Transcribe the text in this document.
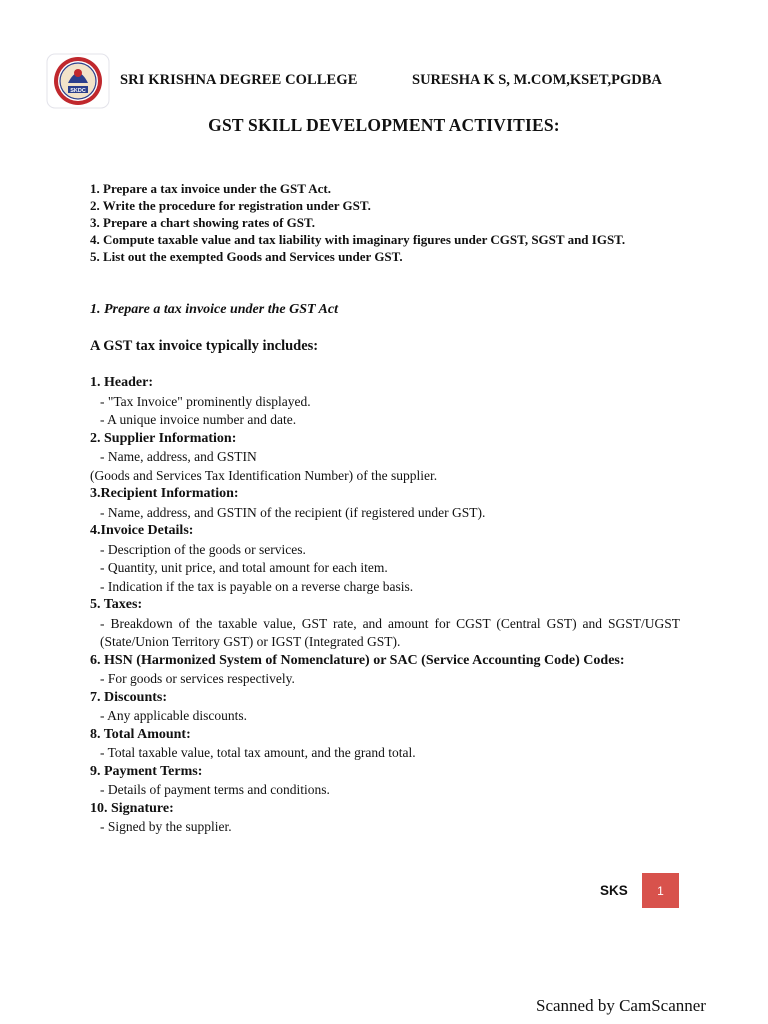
SKDC
SRI KRISHNA DEGREE COLLEGE	SURESHA K S, M.COM,KSET,PGDBA
GST SKILL DEVELOPMENT ACTIVITIES:
1. Prepare a tax invoice under the GST Act.
2. Write the procedure for registration under GST.
3. Prepare a chart showing rates of GST.
4. Compute taxable value and tax liability with imaginary figures under CGST, SGST and IGST.
5. List out the exempted Goods and Services under GST.
1. Prepare a tax invoice under the GST Act
A GST tax invoice typically includes:
1. Header:
- "Tax Invoice" prominently displayed.
- A unique invoice number and date.
2. Supplier Information:
- Name, address, and GSTIN
(Goods and Services Tax Identification Number) of the supplier.
3.Recipient Information:
- Name, address, and GSTIN of the recipient (if registered under GST).
4.Invoice Details:
- Description of the goods or services.
- Quantity, unit price, and total amount for each item.
- Indication if the tax is payable on a reverse charge basis.
5. Taxes:
- Breakdown of the taxable value, GST rate, and amount for CGST (Central GST) and SGST/UGST (State/Union Territory GST) or IGST (Integrated GST).
6. HSN (Harmonized System of Nomenclature) or SAC (Service Accounting Code) Codes:
- For goods or services respectively.
7. Discounts:
- Any applicable discounts.
8. Total Amount:
- Total taxable value, total tax amount, and the grand total.
9. Payment Terms:
- Details of payment terms and conditions.
10. Signature:
- Signed by the supplier.
SKS	1
Scanned by CamScanner
